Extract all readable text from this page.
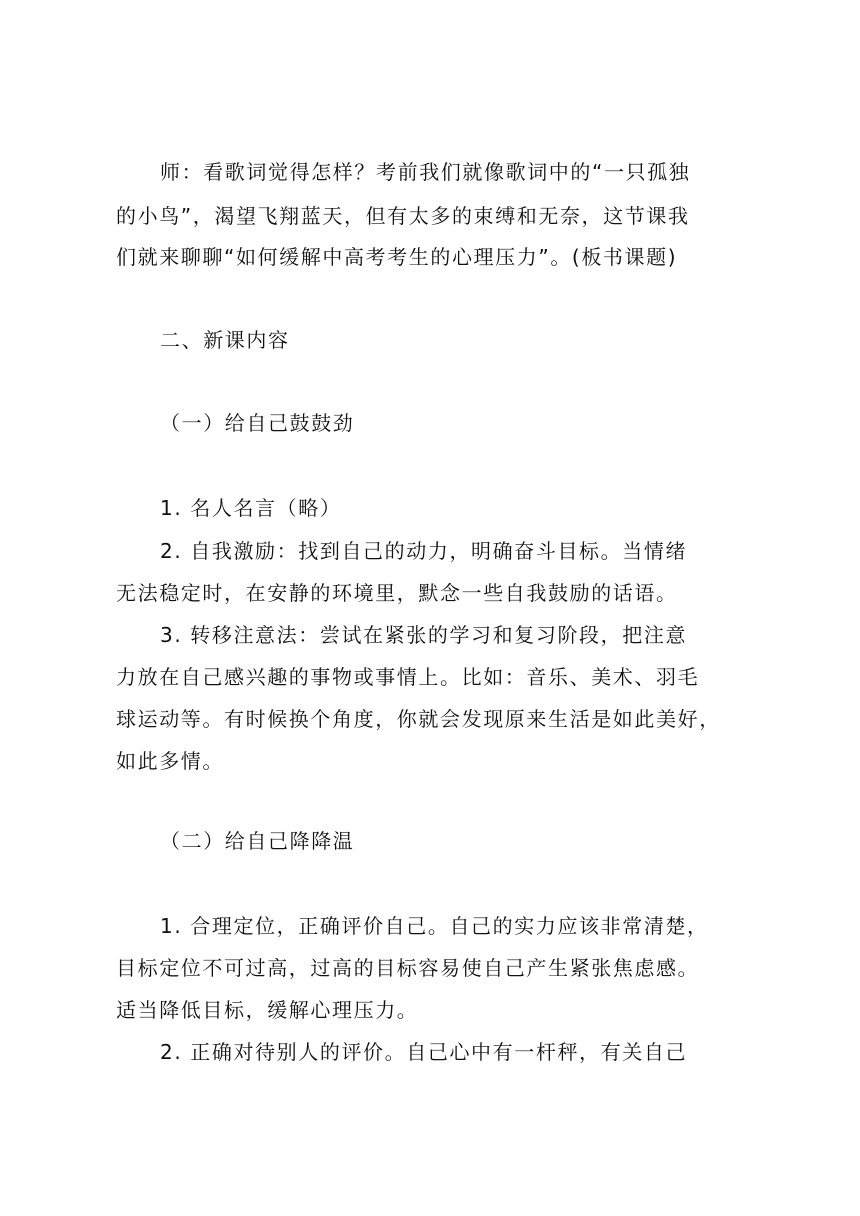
师：看歌词觉得怎样？考前我们就像歌词中的“一只孤独
的小鸟”，渴望飞翔蓝天，但有太多的束缚和无奈，这节课我
们就来聊聊“如何缓解中高考考生的心理压力”。(板书课题)
二、新课内容
（一）给自己鼓鼓劲
1. 名人名言（略）
2. 自我激励：找到自己的动力，明确奋斗目标。当情绪
无法稳定时，在安静的环境里，默念一些自我鼓励的话语。
3. 转移注意法：尝试在紧张的学习和复习阶段，把注意
力放在自己感兴趣的事物或事情上。比如：音乐、美术、羽毛
球运动等。有时候换个角度，你就会发现原来生活是如此美好，
如此多情。
（二）给自己降降温
1. 合理定位，正确评价自己。自己的实力应该非常清楚，
目标定位不可过高，过高的目标容易使自己产生紧张焦虑感。
适当降低目标，缓解心理压力。
2. 正确对待别人的评价。自己心中有一杆秤，有关自己
